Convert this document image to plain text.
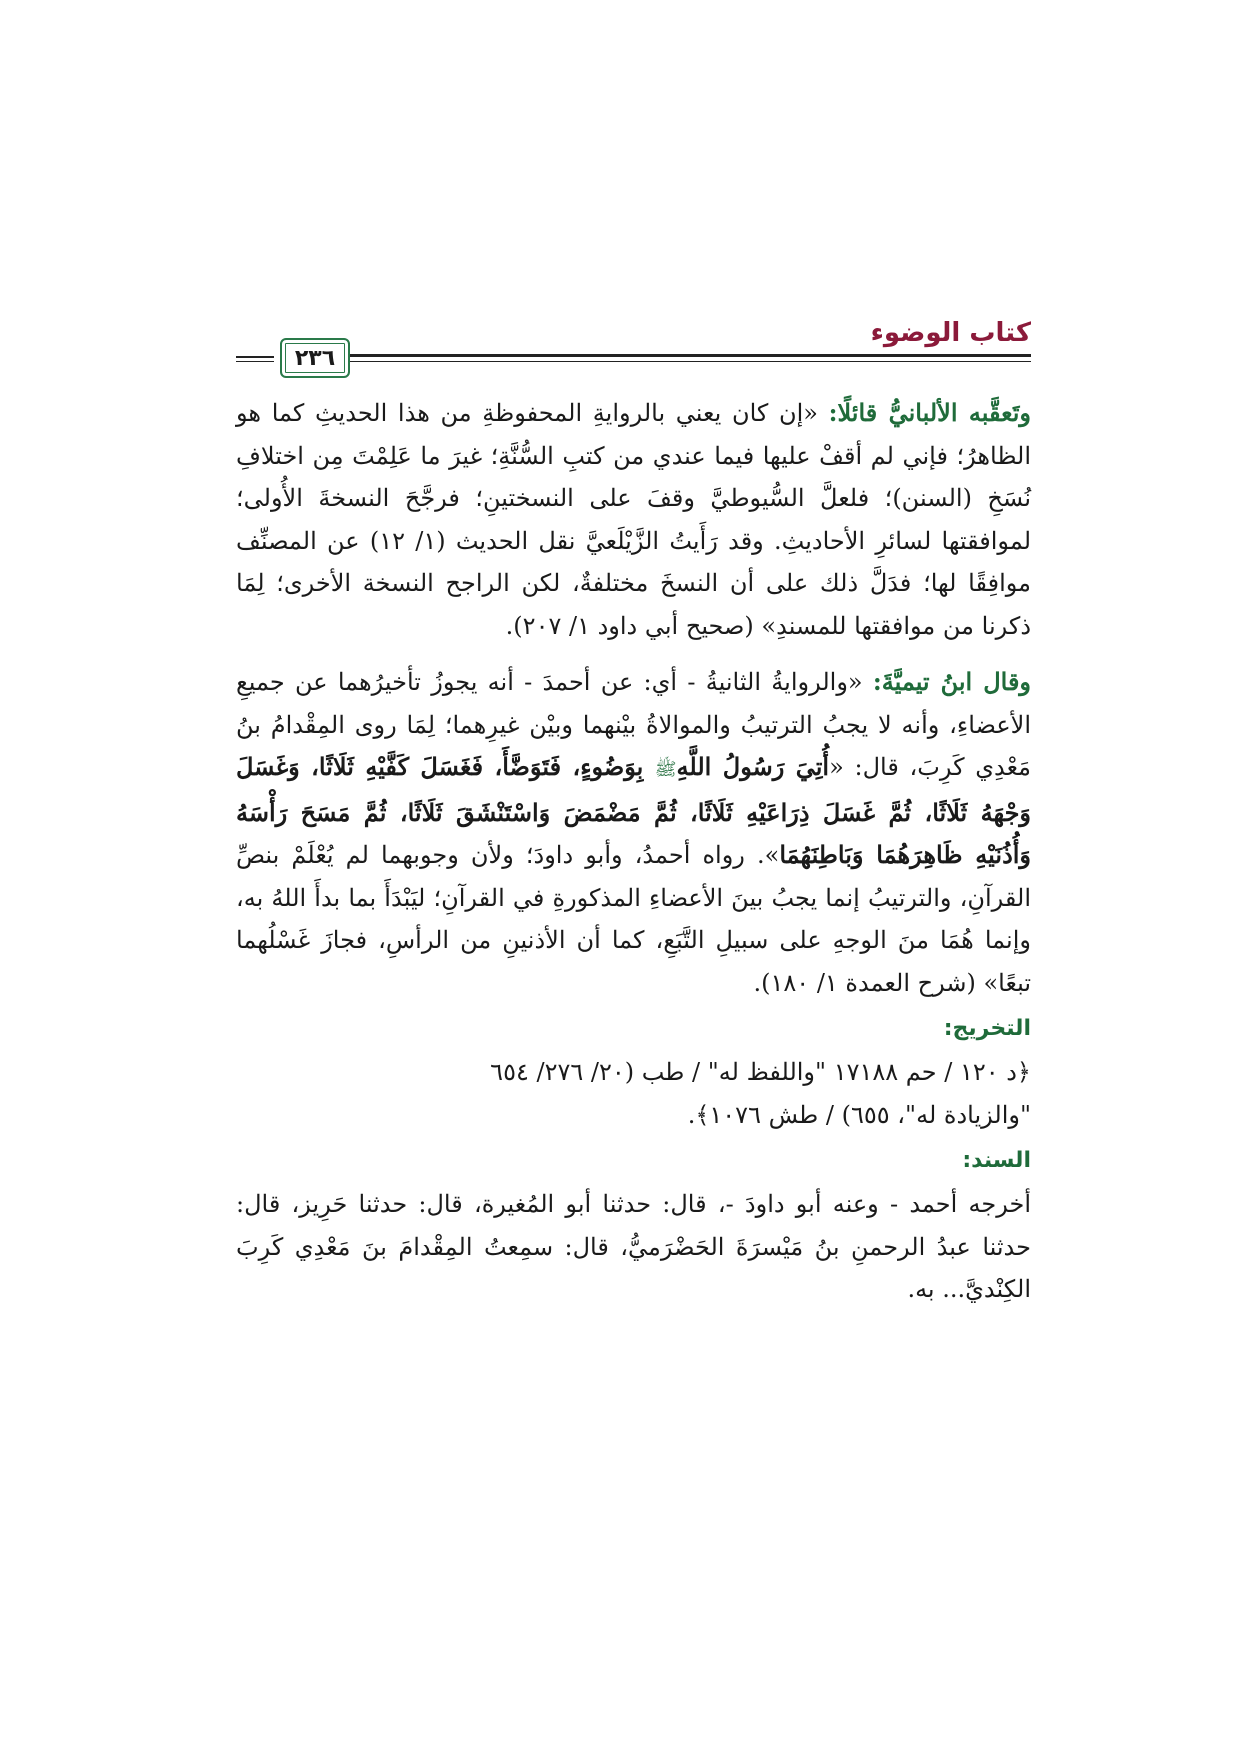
كتاب الوضوء
٢٣٦

وتَعقَّبه الألبانيُّ قائلًا: «إن كان يعني بالروايةِ المحفوظةِ من هذا الحديثِ كما هو الظاهرُ؛ فإني لم أقفْ عليها فيما عندي من كتبِ السُّنَّةِ؛ غيرَ ما عَلِمْتَ مِن اختلافِ نُسَخِ (السنن)؛ فلعلَّ السُّيوطيَّ وقفَ على النسختينِ؛ فرجَّحَ النسخةَ الأُولى؛ لموافقتها لسائرِ الأحاديثِ. وقد رَأَيتُ الزَّيْلَعيَّ نقل الحديث (١/ ١٢) عن المصنِّف موافِقًا لها؛ فدَلَّ ذلك على أن النسخَ مختلفةٌ، لكن الراجح النسخة الأخرى؛ لِمَا ذكرنا من موافقتها للمسندِ» (صحيح أبي داود ١/ ٢٠٧).

وقال ابنُ تيميَّةَ: «والروايةُ الثانيةُ - أي: عن أحمدَ - أنه يجوزُ تأخيرُهما عن جميعِ الأعضاءِ، وأنه لا يجبُ الترتيبُ والموالاةُ بيْنهما وبيْن غيرِهما؛ لِمَا روى المِقْدامُ بنُ مَعْدِي كَرِبَ، قال: «أُتِيَ رَسُولُ اللَّهِﷺ بِوَضُوءٍ، فَتَوَضَّأَ، فَغَسَلَ كَفَّيْهِ ثَلَاثًا، وَغَسَلَ وَجْهَهُ ثَلَاثًا، ثُمَّ غَسَلَ ذِرَاعَيْهِ ثَلَاثًا، ثُمَّ مَضْمَضَ وَاسْتَنْشَقَ ثَلَاثًا، ثُمَّ مَسَحَ رَأْسَهُ وَأُذُنَيْهِ ظَاهِرَهُمَا وَبَاطِنَهُمَا». رواه أحمدُ، وأبو داودَ؛ ولأن وجوبهما لم يُعْلَمْ بنصِّ القرآنِ، والترتيبُ إنما يجبُ بينَ الأعضاءِ المذكورةِ في القرآنِ؛ ليَبْدَأَ بما بدأَ اللهُ به، وإنما هُمَا منَ الوجهِ على سبيلِ التَّبَعِ، كما أن الأذنينِ من الرأسِ، فجازَ غَسْلُهما تبعًا» (شرح العمدة ١/ ١٨٠).

التخريج:

﴿د ١٢٠ / حم ١٧١٨٨ "واللفظ له" / طب (٢٠/ ٢٧٦/ ٦٥٤

"والزيادة له"، ٦٥٥) / طش ١٠٧٦﴾.

السند:

أخرجه أحمد - وعنه أبو داودَ -، قال: حدثنا أبو المُغيرة، قال: حدثنا حَرِيز، قال: حدثنا عبدُ الرحمنِ بنُ مَيْسرَةَ الحَضْرَميُّ، قال: سمِعتُ المِقْدامَ بنَ مَعْدِي كَرِبَ الكِنْديَّ... به.
